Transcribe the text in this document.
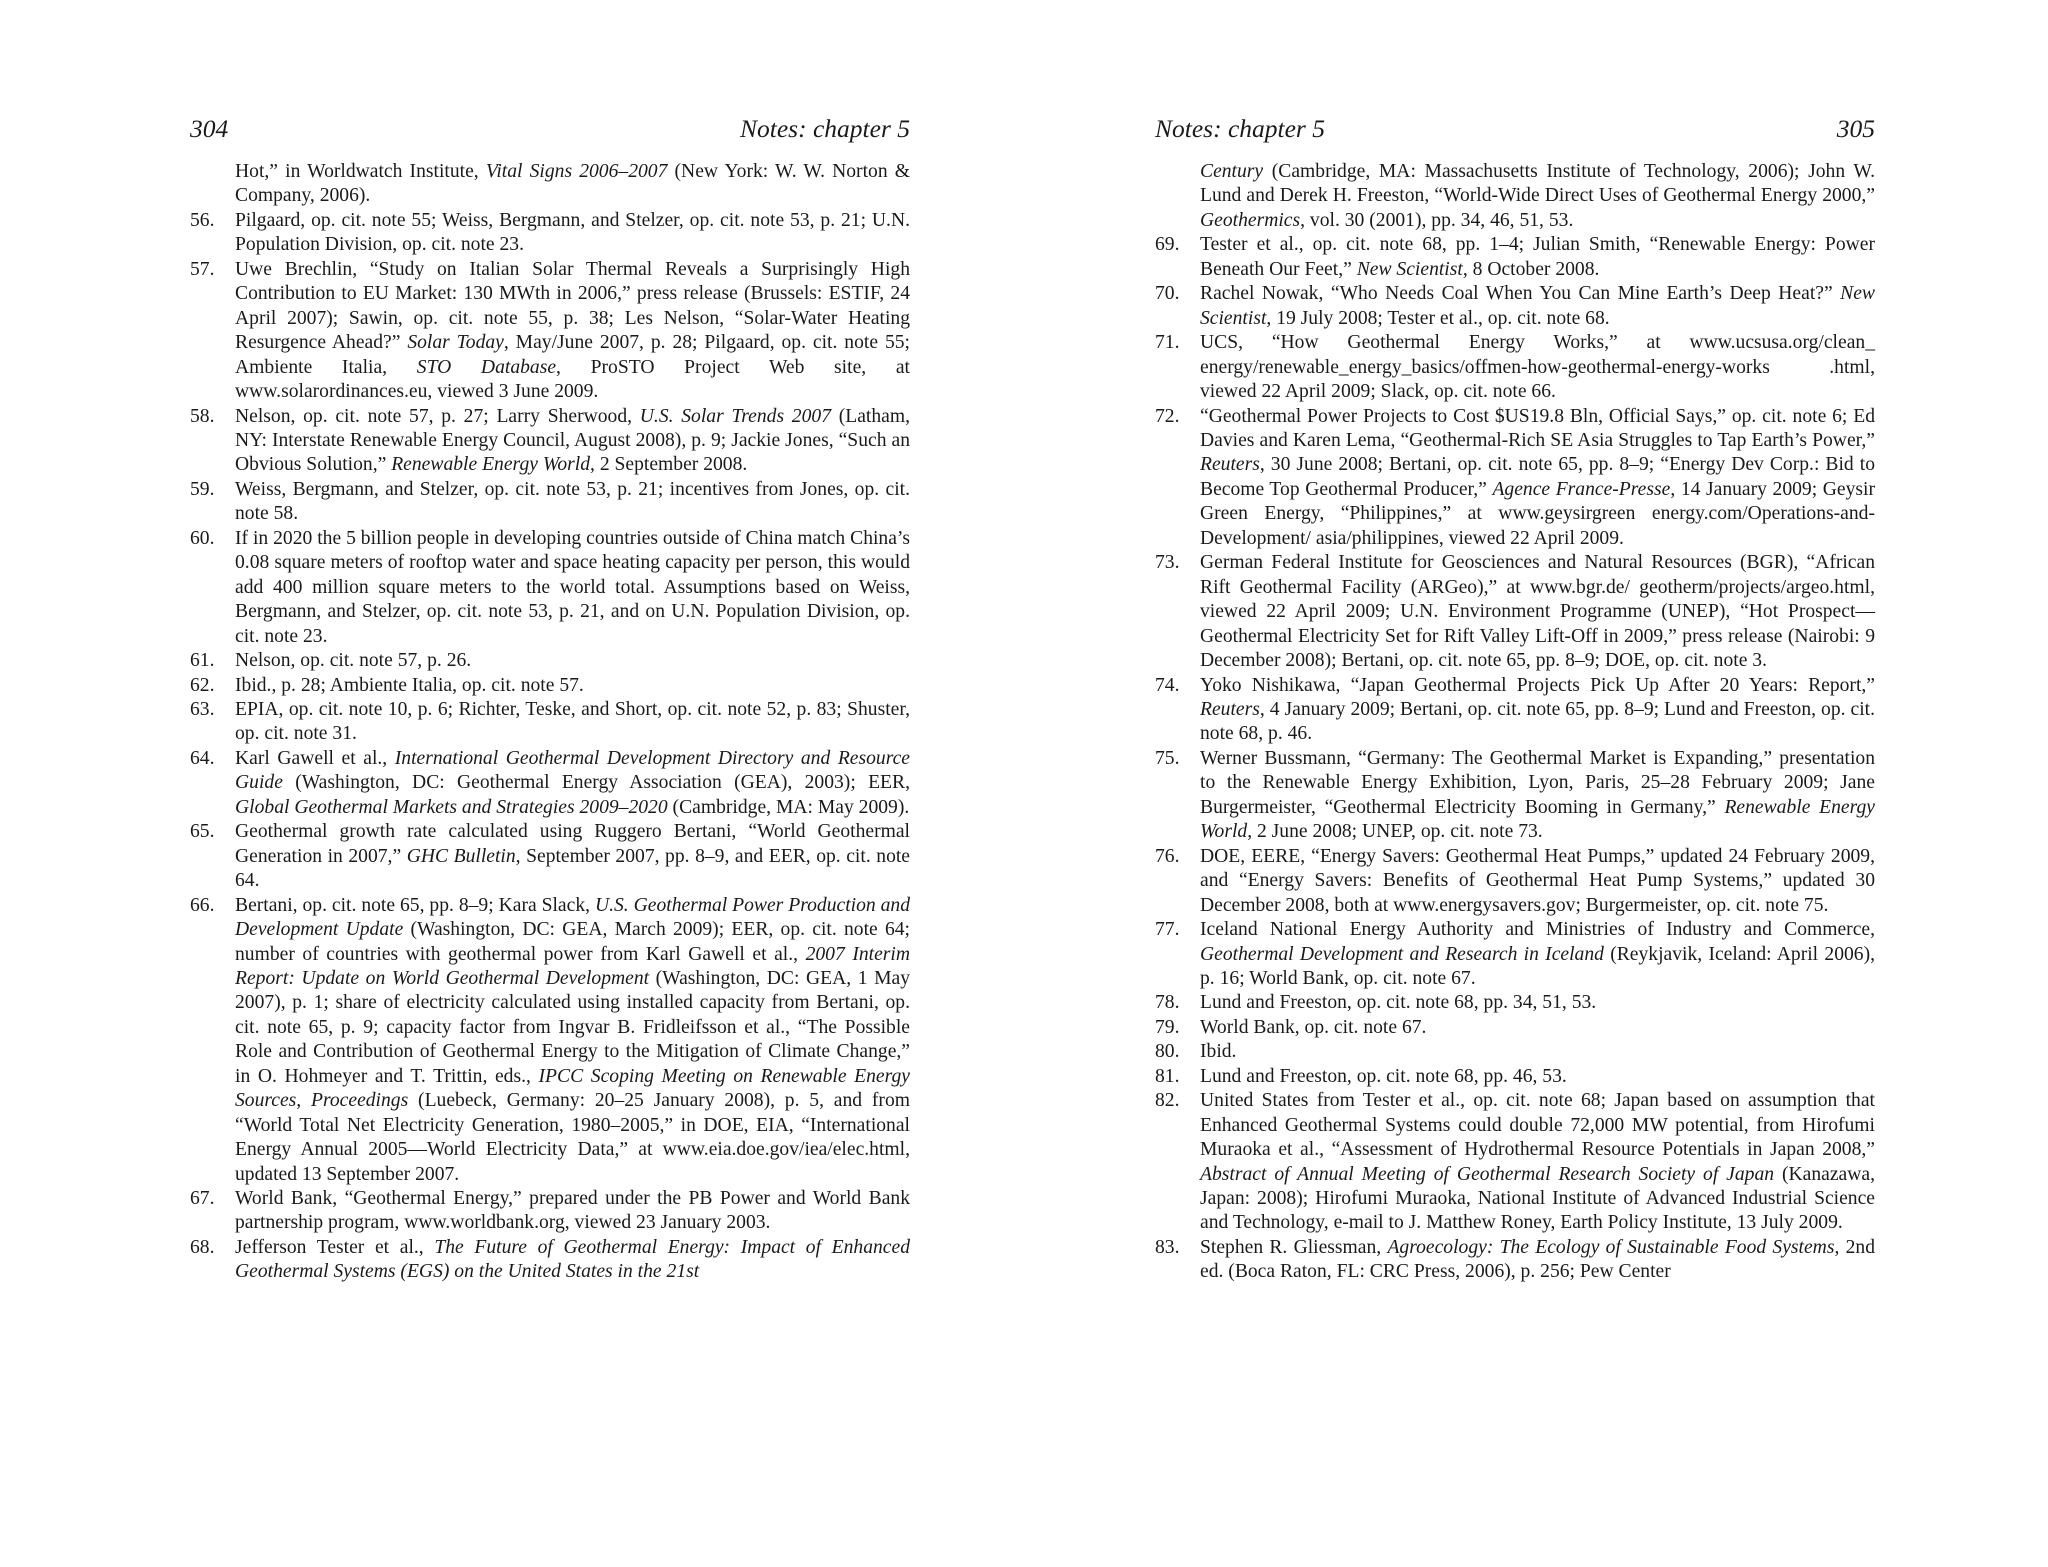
304	Notes: chapter 5
Hot,” in Worldwatch Institute, Vital Signs 2006–2007 (New York: W. W. Norton & Company, 2006).
56. Pilgaard, op. cit. note 55; Weiss, Bergmann, and Stelzer, op. cit. note 53, p. 21; U.N. Population Division, op. cit. note 23.
57. Uwe Brechlin, “Study on Italian Solar Thermal Reveals a Surprisingly High Contribution to EU Market: 130 MWth in 2006,” press release (Brussels: ESTIF, 24 April 2007); Sawin, op. cit. note 55, p. 38; Les Nelson, “Solar-Water Heating Resurgence Ahead?” Solar Today, May/June 2007, p. 28; Pilgaard, op. cit. note 55; Ambiente Italia, STO Database, ProSTO Project Web site, at www.solarordinances.eu, viewed 3 June 2009.
58. Nelson, op. cit. note 57, p. 27; Larry Sherwood, U.S. Solar Trends 2007 (Latham, NY: Interstate Renewable Energy Council, August 2008), p. 9; Jackie Jones, “Such an Obvious Solution,” Renewable Energy World, 2 September 2008.
59. Weiss, Bergmann, and Stelzer, op. cit. note 53, p. 21; incentives from Jones, op. cit. note 58.
60. If in 2020 the 5 billion people in developing countries outside of China match China’s 0.08 square meters of rooftop water and space heating capacity per person, this would add 400 million square meters to the world total. Assumptions based on Weiss, Bergmann, and Stelzer, op. cit. note 53, p. 21, and on U.N. Population Division, op. cit. note 23.
61. Nelson, op. cit. note 57, p. 26.
62. Ibid., p. 28; Ambiente Italia, op. cit. note 57.
63. EPIA, op. cit. note 10, p. 6; Richter, Teske, and Short, op. cit. note 52, p. 83; Shuster, op. cit. note 31.
64. Karl Gawell et al., International Geothermal Development Directory and Resource Guide (Washington, DC: Geothermal Energy Association (GEA), 2003); EER, Global Geothermal Markets and Strategies 2009–2020 (Cambridge, MA: May 2009).
65. Geothermal growth rate calculated using Ruggero Bertani, “World Geothermal Generation in 2007,” GHC Bulletin, September 2007, pp. 8–9, and EER, op. cit. note 64.
66. Bertani, op. cit. note 65, pp. 8–9; Kara Slack, U.S. Geothermal Power Production and Development Update (Washington, DC: GEA, March 2009); EER, op. cit. note 64; number of countries with geothermal power from Karl Gawell et al., 2007 Interim Report: Update on World Geothermal Development (Washington, DC: GEA, 1 May 2007), p. 1; share of electricity calculated using installed capacity from Bertani, op. cit. note 65, p. 9; capacity factor from Ingvar B. Fridleifsson et al., “The Possible Role and Contribution of Geothermal Energy to the Mitigation of Climate Change,” in O. Hohmeyer and T. Trittin, eds., IPCC Scoping Meeting on Renewable Energy Sources, Proceedings (Luebeck, Germany: 20–25 January 2008), p. 5, and from “World Total Net Electricity Generation, 1980–2005,” in DOE, EIA, “International Energy Annual 2005—World Electricity Data,” at www.eia.doe.gov/iea/elec.html, updated 13 September 2007.
67. World Bank, “Geothermal Energy,” prepared under the PB Power and World Bank partnership program, www.worldbank.org, viewed 23 January 2003.
68. Jefferson Tester et al., The Future of Geothermal Energy: Impact of Enhanced Geothermal Systems (EGS) on the United States in the 21st
Notes: chapter 5	305
Century (Cambridge, MA: Massachusetts Institute of Technology, 2006); John W. Lund and Derek H. Freeston, “World-Wide Direct Uses of Geothermal Energy 2000,” Geothermics, vol. 30 (2001), pp. 34, 46, 51, 53.
69. Tester et al., op. cit. note 68, pp. 1–4; Julian Smith, “Renewable Energy: Power Beneath Our Feet,” New Scientist, 8 October 2008.
70. Rachel Nowak, “Who Needs Coal When You Can Mine Earth’s Deep Heat?” New Scientist, 19 July 2008; Tester et al., op. cit. note 68.
71. UCS, “How Geothermal Energy Works,” at www.ucsusa.org/clean_ energy/renewable_energy_basics/offmen-how-geothermal-energy-works .html, viewed 22 April 2009; Slack, op. cit. note 66.
72. “Geothermal Power Projects to Cost $US19.8 Bln, Official Says,” op. cit. note 6; Ed Davies and Karen Lema, “Geothermal-Rich SE Asia Struggles to Tap Earth’s Power,” Reuters, 30 June 2008; Bertani, op. cit. note 65, pp. 8–9; “Energy Dev Corp.: Bid to Become Top Geothermal Producer,” Agence France-Presse, 14 January 2009; Geysir Green Energy, “Philippines,” at www.geysirgreen energy.com/Operations-and-Development/ asia/philippines, viewed 22 April 2009.
73. German Federal Institute for Geosciences and Natural Resources (BGR), “African Rift Geothermal Facility (ARGeo),” at www.bgr.de/ geotherm/projects/argeo.html, viewed 22 April 2009; U.N. Environment Programme (UNEP), “Hot Prospect—Geothermal Electricity Set for Rift Valley Lift-Off in 2009,” press release (Nairobi: 9 December 2008); Bertani, op. cit. note 65, pp. 8–9; DOE, op. cit. note 3.
74. Yoko Nishikawa, “Japan Geothermal Projects Pick Up After 20 Years: Report,” Reuters, 4 January 2009; Bertani, op. cit. note 65, pp. 8–9; Lund and Freeston, op. cit. note 68, p. 46.
75. Werner Bussmann, “Germany: The Geothermal Market is Expanding,” presentation to the Renewable Energy Exhibition, Lyon, Paris, 25–28 February 2009; Jane Burgermeister, “Geothermal Electricity Booming in Germany,” Renewable Energy World, 2 June 2008; UNEP, op. cit. note 73.
76. DOE, EERE, “Energy Savers: Geothermal Heat Pumps,” updated 24 February 2009, and “Energy Savers: Benefits of Geothermal Heat Pump Systems,” updated 30 December 2008, both at www.energysavers.gov; Burgermeister, op. cit. note 75.
77. Iceland National Energy Authority and Ministries of Industry and Commerce, Geothermal Development and Research in Iceland (Reykjavik, Iceland: April 2006), p. 16; World Bank, op. cit. note 67.
78. Lund and Freeston, op. cit. note 68, pp. 34, 51, 53.
79. World Bank, op. cit. note 67.
80. Ibid.
81. Lund and Freeston, op. cit. note 68, pp. 46, 53.
82. United States from Tester et al., op. cit. note 68; Japan based on assumption that Enhanced Geothermal Systems could double 72,000 MW potential, from Hirofumi Muraoka et al., “Assessment of Hydrothermal Resource Potentials in Japan 2008,” Abstract of Annual Meeting of Geothermal Research Society of Japan (Kanazawa, Japan: 2008); Hirofumi Muraoka, National Institute of Advanced Industrial Science and Technology, e-mail to J. Matthew Roney, Earth Policy Institute, 13 July 2009.
83. Stephen R. Gliessman, Agroecology: The Ecology of Sustainable Food Systems, 2nd ed. (Boca Raton, FL: CRC Press, 2006), p. 256; Pew Center
